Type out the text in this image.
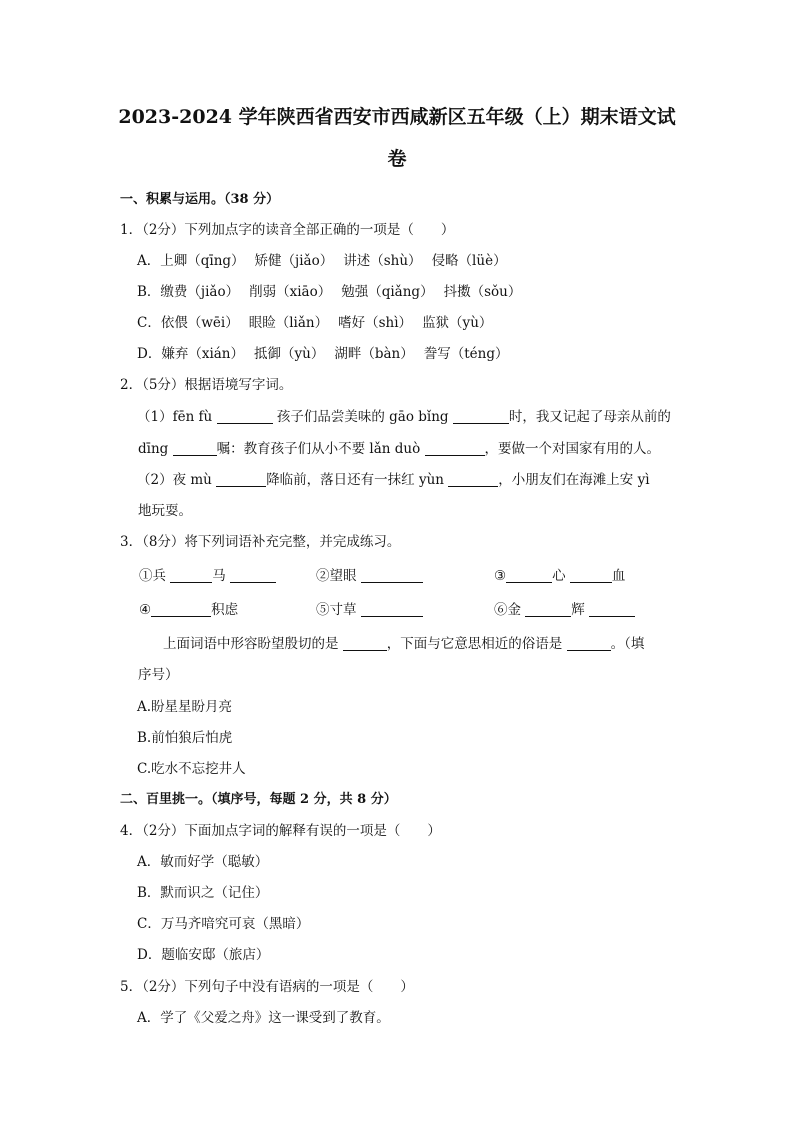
2023-2024 学年陕西省西安市西咸新区五年级（上）期末语文试
卷
一、积累与运用。（38 分）
1．（2分）下列加点字的读音全部正确的一项是（　　）
A．上卿（qīng） 矫健（jiǎo） 讲述（shù） 侵略（lüè）
B．缴费（jiǎo） 削弱（xiāo） 勉强（qiǎng） 抖擞（sǒu）
C．依偎（wēi） 眼睑（liǎn） 嗜好（shì） 监狱（yù）
D．嫌弃（xián） 抵御（yù） 湖畔（bàn） 誊写（téng）
2．（5分）根据语境写字词。
（1）fēn fù	孩子们品尝美味的 gāo bǐng	时，我又记起了母亲从前的
dīng	嘱：教育孩子们从小不要 lǎn duò	，要做一个对国家有用的人。
（2）夜 mù	降临前，落日还有一抹红 yùn	，小朋友们在海滩上安 yì
地玩耍。
3．（8分）将下列词语补充完整，并完成练习。
①兵	马	②望眼	③	心	血
④	积虑	⑤寸草	⑥金	辉
上面词语中形容盼望殷切的是	，下面与它意思相近的俗语是	。（填
序号）
A.盼星星盼月亮
B.前怕狼后怕虎
C.吃水不忘挖井人
二、百里挑一。（填序号，每题 2 分，共 8 分）
4．（2分）下面加点字词的解释有误的一项是（　　）
A．敏而好学（聪敏）
B．默而识之（记住）
C．万马齐喑究可哀（黑暗）
D．题临安邸（旅店）
5．（2分）下列句子中没有语病的一项是（　　）
A．学了《父爱之舟》这一课受到了教育。
